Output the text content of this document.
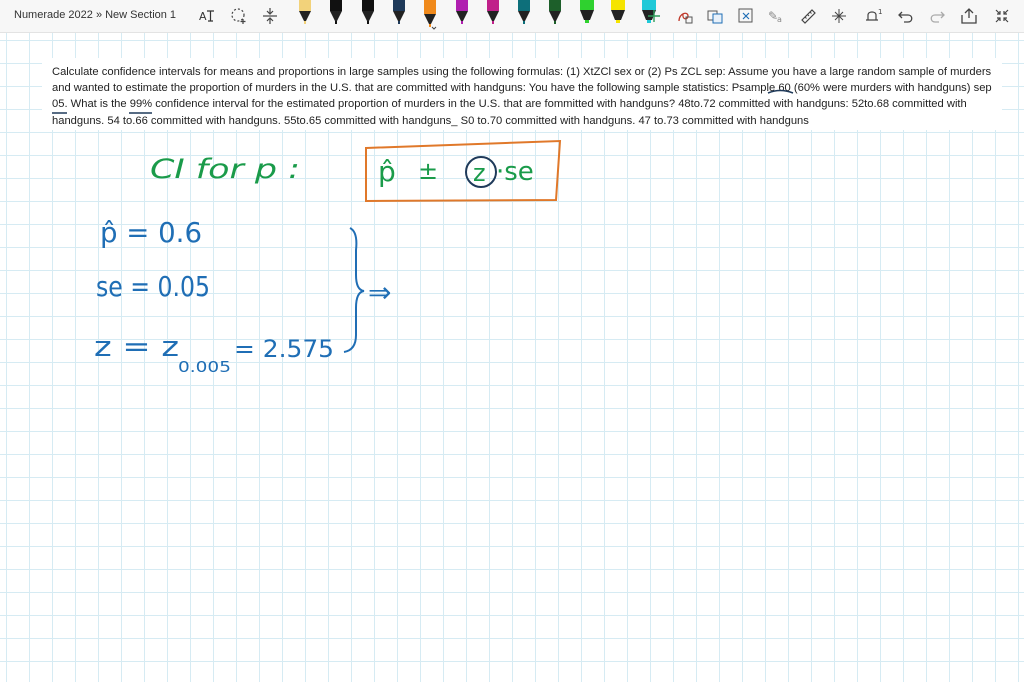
Numerade 2022 » New Section 1 A	✎
a
1
Calculate confidence intervals for means and proportions in large samples using the following formulas: (1) XtZCl sex or (2) Ps ZCL sep: Assume you have a large random sample of murders
and wanted to estimate the proportion of murders in the U.S. that are committed with handguns: You have the following sample statistics: Psample 60 (60% were murders with handguns) sep
05. What is the 99% confidence interval for the estimated proportion of murders in the U.S. that are fommitted with handguns? 48to.72 committed with handguns: 52to.68 committed with
handguns. 54 to.66 committed with handguns. 55to.65 committed with handguns_ S0 to.70 committed with handguns. 47 to.73 committed with handguns
CI for p :	p̂ ± z ·se
p̂ = 0.6
se = 0.05
z = z
0.005
= 2.575
⇒
